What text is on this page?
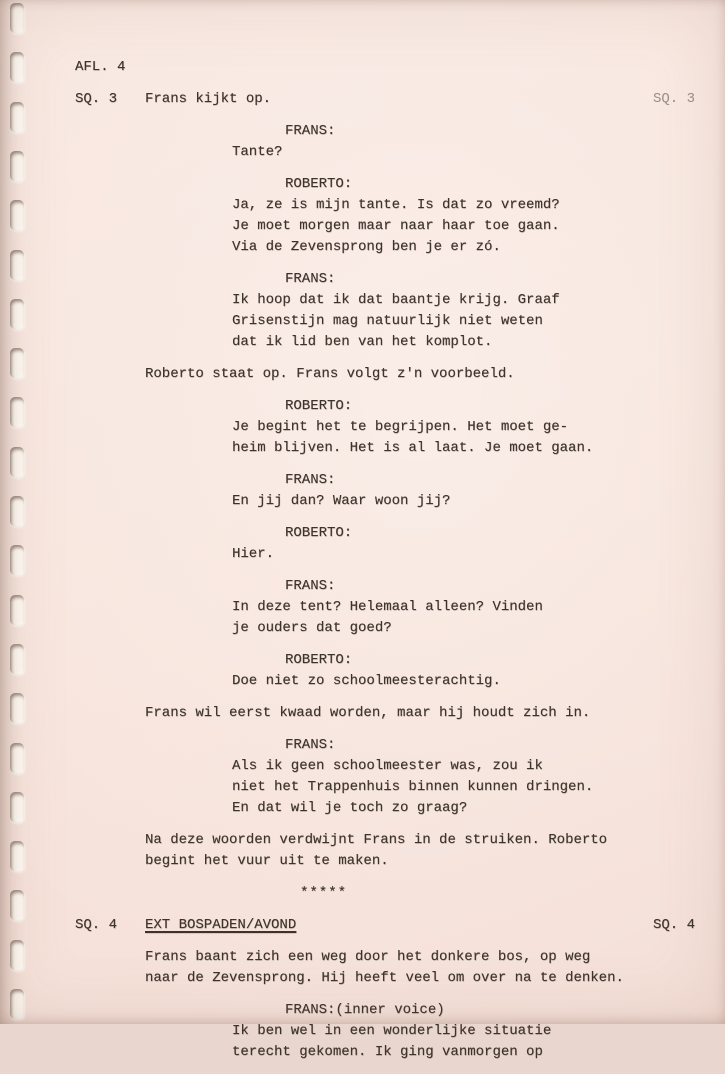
AFL. 4
SQ. 3	Frans kijkt op.	SQ. 3
FRANS:
Tante?
ROBERTO:
Ja, ze is mijn tante. Is dat zo vreemd?
Je moet morgen maar naar haar toe gaan.
Via de Zevensprong ben je er zó.
FRANS:
Ik hoop dat ik dat baantje krijg. Graaf
Grisenstijn mag natuurlijk niet weten
dat ik lid ben van het komplot.
Roberto staat op. Frans volgt z'n voorbeeld.
ROBERTO:
Je begint het te begrijpen. Het moet ge-
heim blijven. Het is al laat. Je moet gaan.
FRANS:
En jij dan? Waar woon jij?
ROBERTO:
Hier.
FRANS:
In deze tent? Helemaal alleen? Vinden
je ouders dat goed?
ROBERTO:
Doe niet zo schoolmeesterachtig.
Frans wil eerst kwaad worden, maar hij houdt zich in.
FRANS:
Als ik geen schoolmeester was, zou ik
niet het Trappenhuis binnen kunnen dringen.
En dat wil je toch zo graag?
Na deze woorden verdwijnt Frans in de struiken. Roberto
begint het vuur uit te maken.
*****
SQ. 4	EXT BOSPADEN/AVOND	SQ. 4
Frans baant zich een weg door het donkere bos, op weg
naar de Zevensprong. Hij heeft veel om over na te denken.
FRANS:(inner voice)
Ik ben wel in een wonderlijke situatie
terecht gekomen. Ik ging vanmorgen op
